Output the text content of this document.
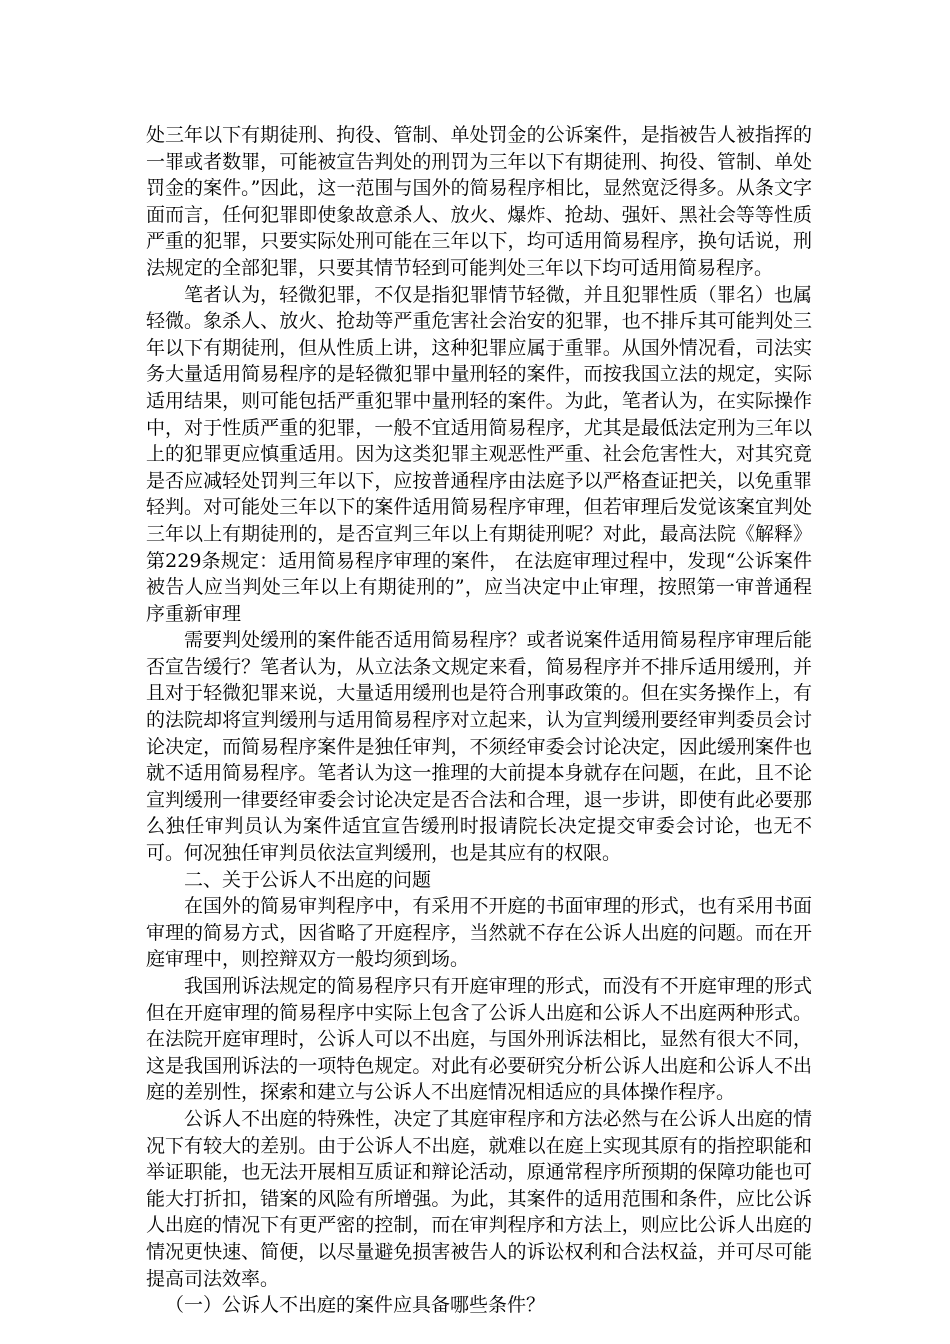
处三年以下有期徒刑、拘役、管制、单处罚金的公诉案件，是指被告人被指挥的一罪或者数罪，可能被宣告判处的刑罚为三年以下有期徒刑、拘役、管制、单处罚金的案件。”因此，这一范围与国外的简易程序相比，显然宽泛得多。从条文字面而言，任何犯罪即使象故意杀人、放火、爆炸、抢劫、强奸、黑社会等等性质严重的犯罪，只要实际处刑可能在三年以下，均可适用简易程序，换句话说，刑法规定的全部犯罪，只要其情节轻到可能判处三年以下均可适用简易程序。

笔者认为，轻微犯罪，不仅是指犯罪情节轻微，并且犯罪性质（罪名）也属轻微。象杀人、放火、抢劫等严重危害社会治安的犯罪，也不排斥其可能判处三年以下有期徒刑，但从性质上讲，这种犯罪应属于重罪。从国外情况看，司法实务大量适用简易程序的是轻微犯罪中量刑轻的案件，而按我国立法的规定，实际适用结果，则可能包括严重犯罪中量刑轻的案件。为此，笔者认为，在实际操作中，对于性质严重的犯罪，一般不宜适用简易程序，尤其是最低法定刑为三年以上的犯罪更应慎重适用。因为这类犯罪主观恶性严重、社会危害性大，对其究竟是否应减轻处罚判三年以下，应按普通程序由法庭予以严格查证把关，以免重罪轻判。对可能处三年以下的案件适用简易程序审理，但若审理后发觉该案宜判处三年以上有期徒刑的，是否宣判三年以上有期徒刑呢？对此，最高法院《解释》第229条规定：适用简易程序审理的案件， 在法庭审理过程中，发现“公诉案件被告人应当判处三年以上有期徒刑的”，应当决定中止审理，按照第一审普通程序重新审理

需要判处缓刑的案件能否适用简易程序？或者说案件适用简易程序审理后能否宣告缓行？笔者认为，从立法条文规定来看，简易程序并不排斥适用缓刑，并且对于轻微犯罪来说，大量适用缓刑也是符合刑事政策的。但在实务操作上，有的法院却将宣判缓刑与适用简易程序对立起来，认为宣判缓刑要经审判委员会讨论决定，而简易程序案件是独任审判，不须经审委会讨论决定，因此缓刑案件也就不适用简易程序。笔者认为这一推理的大前提本身就存在问题，在此，且不论宣判缓刑一律要经审委会讨论决定是否合法和合理，退一步讲，即使有此必要那么独任审判员认为案件适宜宣告缓刑时报请院长决定提交审委会讨论，也无不可。何况独任审判员依法宣判缓刑，也是其应有的权限。

二、关于公诉人不出庭的问题

在国外的简易审判程序中，有采用不开庭的书面审理的形式，也有采用书面审理的简易方式，因省略了开庭程序，当然就不存在公诉人出庭的问题。而在开庭审理中，则控辩双方一般均须到场。

我国刑诉法规定的简易程序只有开庭审理的形式，而没有不开庭审理的形式但在开庭审理的简易程序中实际上包含了公诉人出庭和公诉人不出庭两种形式。在法院开庭审理时，公诉人可以不出庭，与国外刑诉法相比，显然有很大不同，这是我国刑诉法的一项特色规定。对此有必要研究分析公诉人出庭和公诉人不出庭的差别性，探索和建立与公诉人不出庭情况相适应的具体操作程序。

公诉人不出庭的特殊性，决定了其庭审程序和方法必然与在公诉人出庭的情况下有较大的差别。由于公诉人不出庭，就难以在庭上实现其原有的指控职能和举证职能，也无法开展相互质证和辩论活动，原通常程序所预期的保障功能也可能大打折扣，错案的风险有所增强。为此，其案件的适用范围和条件，应比公诉人出庭的情况下有更严密的控制，而在审判程序和方法上，则应比公诉人出庭的情况更快速、简便，以尽量避免损害被告人的诉讼权利和合法权益，并可尽可能提高司法效率。

（一）公诉人不出庭的案件应具备哪些条件？
